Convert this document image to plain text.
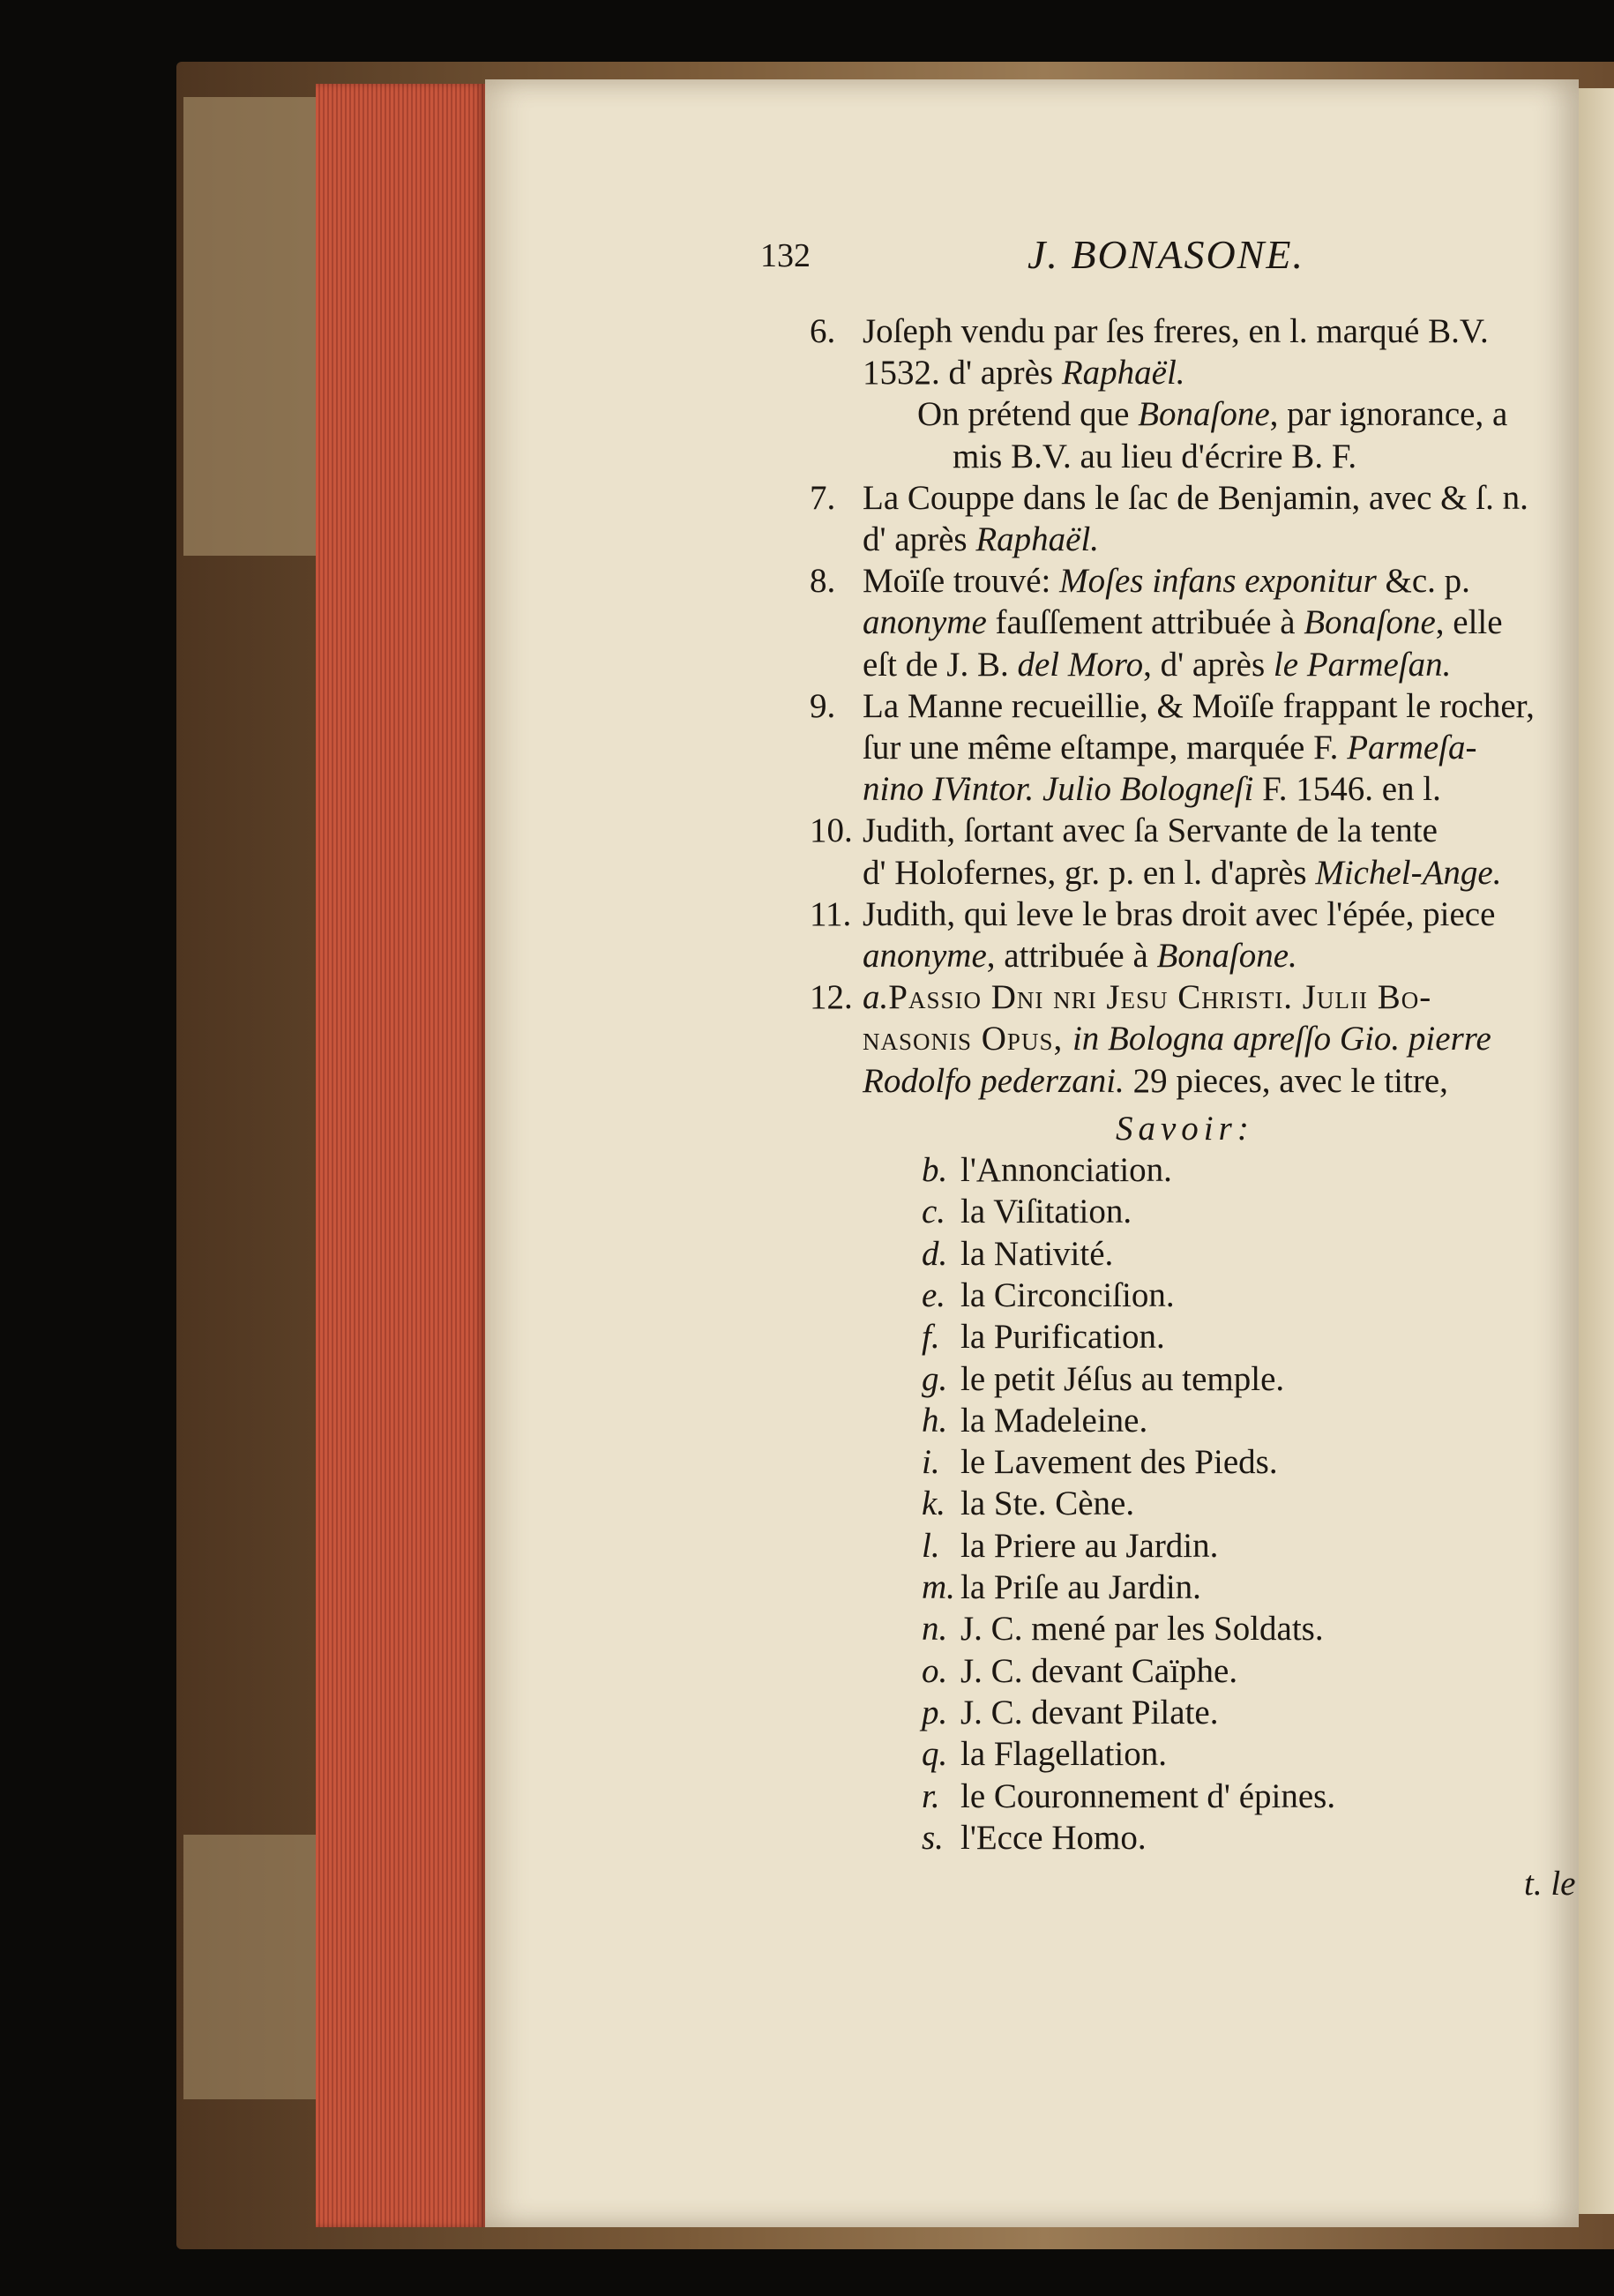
132	J. BONASONE.
6. Joſeph vendu par ſes freres, en l. marqué B.V.
1532. d' après Raphaël.
On prétend que Bonaſone, par ignorance, a
mis B.V. au lieu d'écrire B. F.
7. La Couppe dans le ſac de Benjamin, avec & ſ. n.
d' après Raphaël.
8. Moïſe trouvé: Moſes infans exponitur &c. p.
anonyme fauſſement attribuée à Bonaſone, elle
eſt de J. B. del Moro, d' après le Parmeſan.
9. La Manne recueillie, & Moïſe frappant le rocher,
ſur une même eſtampe, marquée F. Parmeſa-
nino IVintor. Julio Bologneſi F. 1546. en l.
10. Judith, ſortant avec ſa Servante de la tente
d' Holofernes, gr. p. en l. d'après Michel-Ange.
11. Judith, qui leve le bras droit avec l'épée, piece
anonyme, attribuée à Bonaſone.
12. a.Passio Dni nri Jesu Christi. Julii Bo-
nasonis Opus, in Bologna apreſſo Gio. pierre
Rodolfo pederzani. 29 pieces, avec le titre,
Savoir:
b. l'Annonciation.
c. la Viſitation.
d. la Nativité.
e. la Circonciſion.
f. la Purification.
g. le petit Jéſus au temple.
h. la Madeleine.
i. le Lavement des Pieds.
k. la Ste. Cène.
l. la Priere au Jardin.
m. la Priſe au Jardin.
n. J. C. mené par les Soldats.
o. J. C. devant Caïphe.
p. J. C. devant Pilate.
q. la Flagellation.
r. le Couronnement d' épines.
s. l'Ecce Homo.
t. le
